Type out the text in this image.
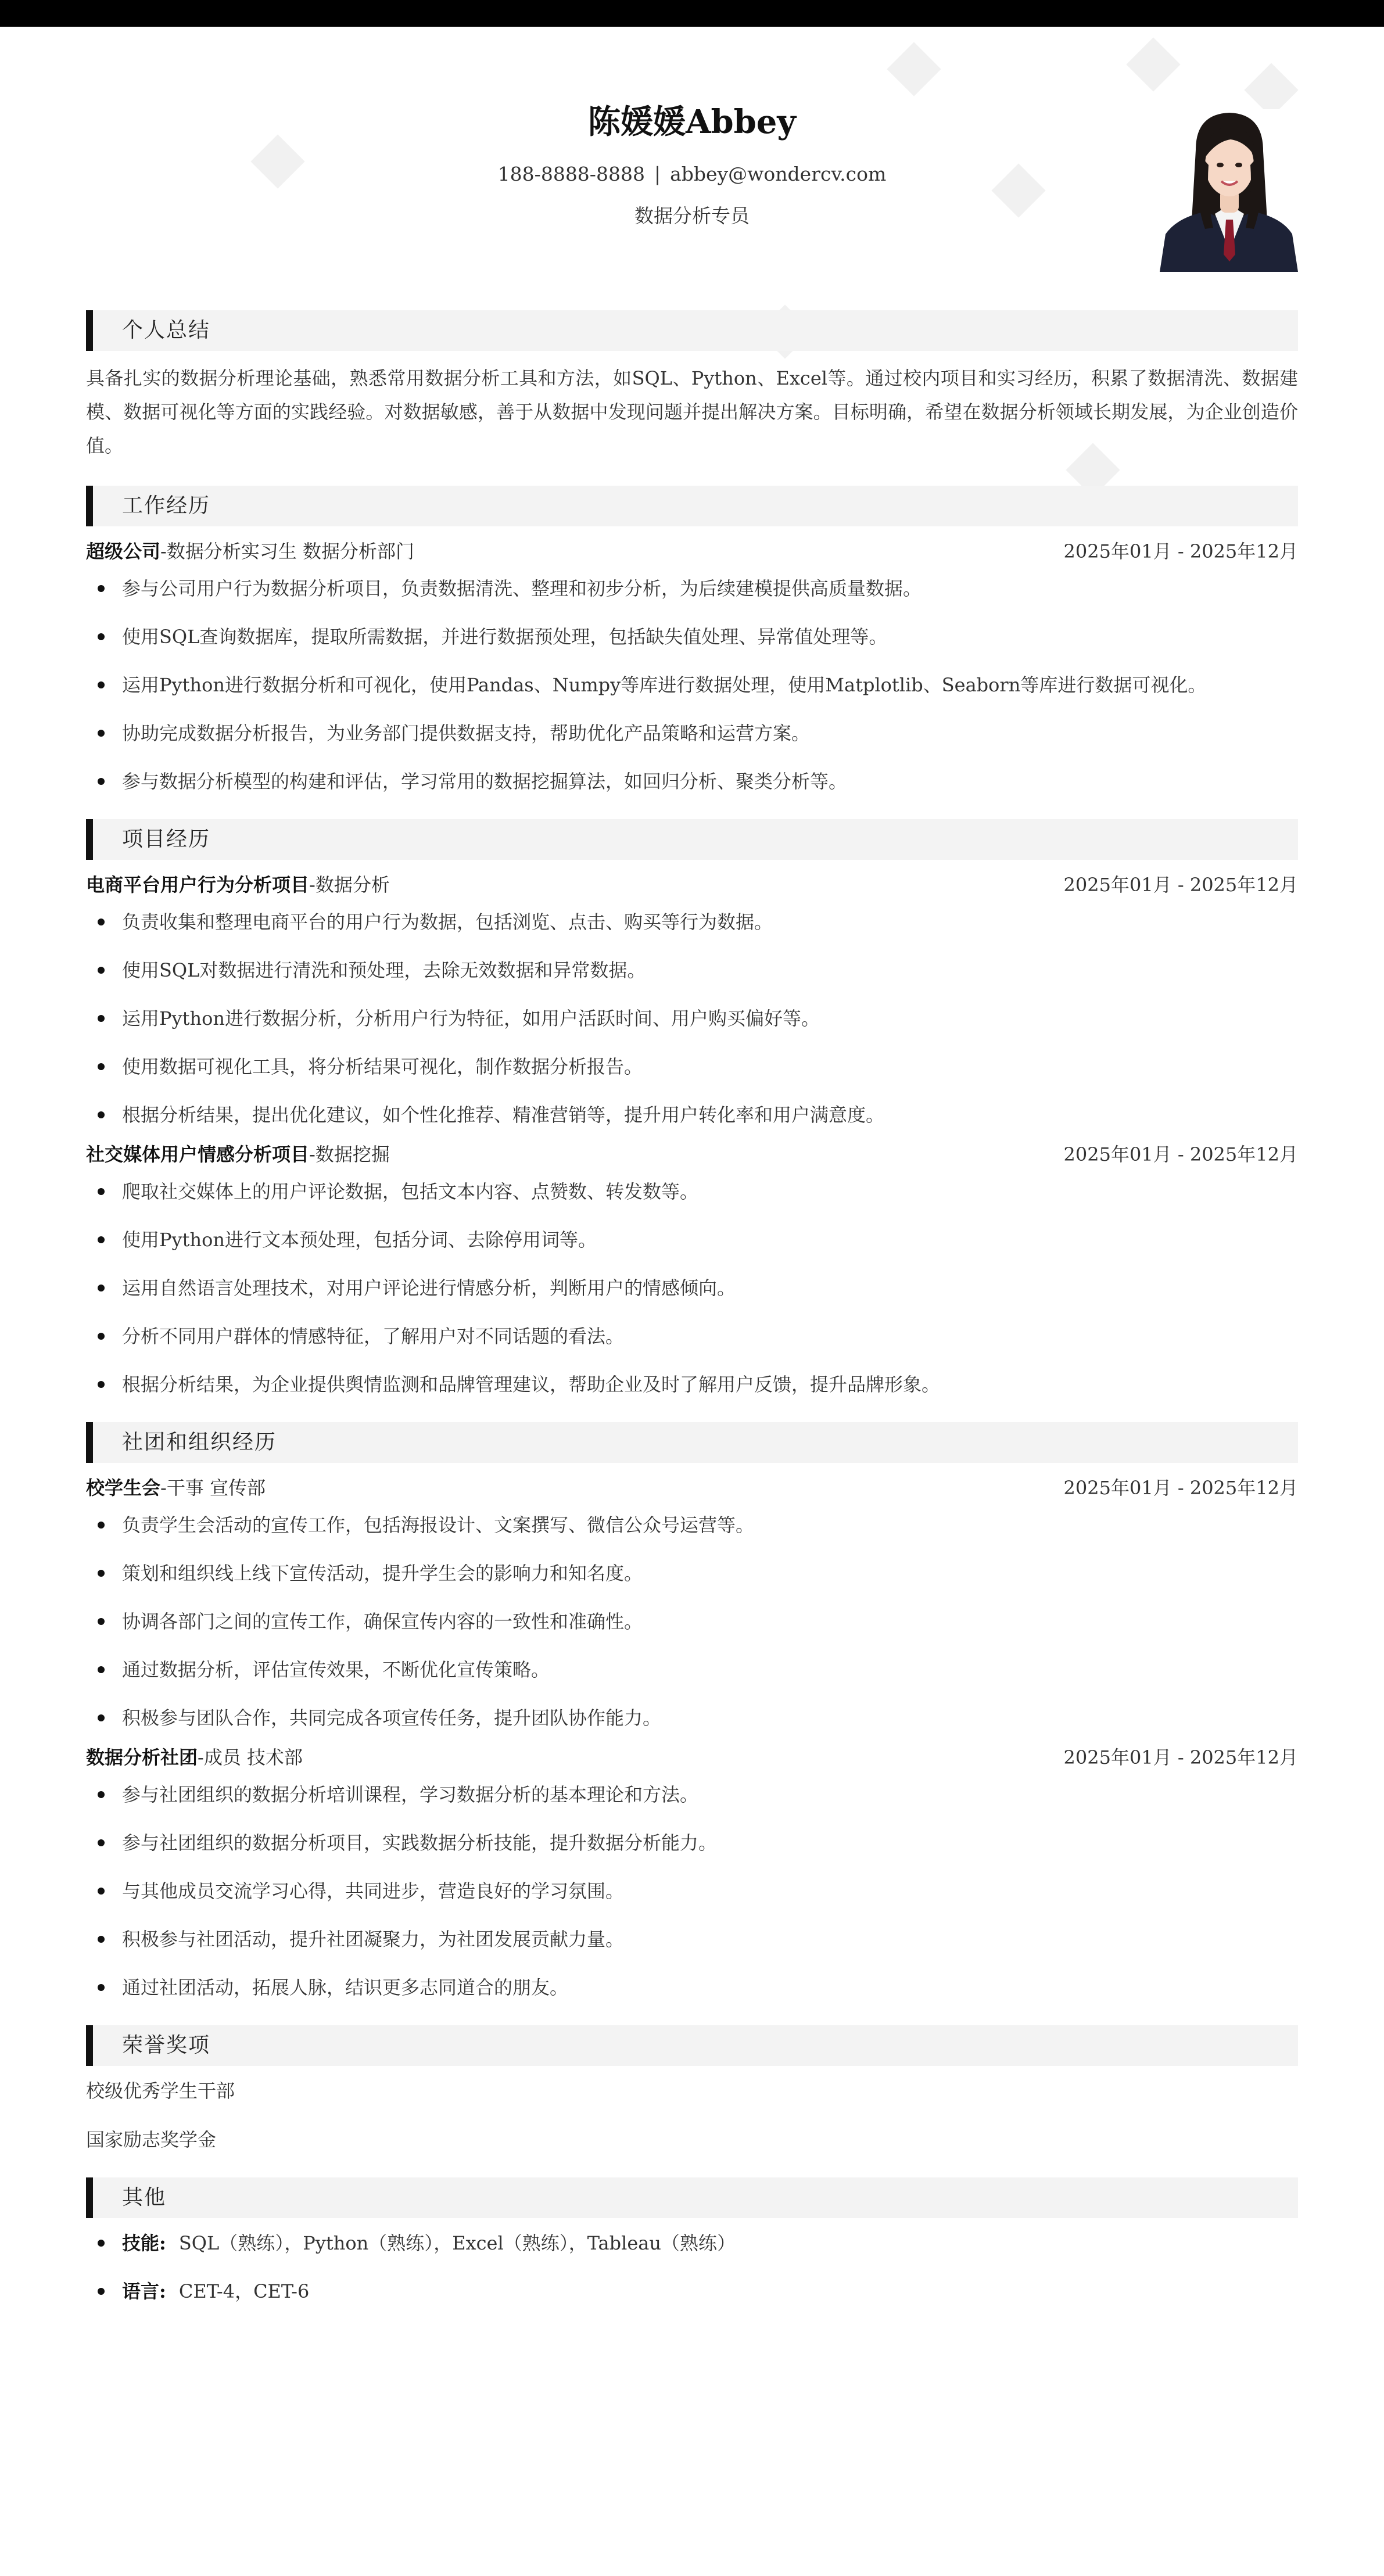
陈媛媛Abbey
188-8888-8888 | abbey@wondercv.com
数据分析专员
个人总结
具备扎实的数据分析理论基础，熟悉常用数据分析工具和方法，如SQL、Python、Excel等。通过校内项目和实习经历，积累了数据清洗、数据建模、数据可视化等方面的实践经验。对数据敏感，善于从数据中发现问题并提出解决方案。目标明确，希望在数据分析领域长期发展，为企业创造价值。
工作经历
超级公司-数据分析实习生 数据分析部门	2025年01月 - 2025年12月
参与公司用户行为数据分析项目，负责数据清洗、整理和初步分析，为后续建模提供高质量数据。
使用SQL查询数据库，提取所需数据，并进行数据预处理，包括缺失值处理、异常值处理等。
运用Python进行数据分析和可视化，使用Pandas、Numpy等库进行数据处理，使用Matplotlib、Seaborn等库进行数据可视化。
协助完成数据分析报告，为业务部门提供数据支持，帮助优化产品策略和运营方案。
参与数据分析模型的构建和评估，学习常用的数据挖掘算法，如回归分析、聚类分析等。
项目经历
电商平台用户行为分析项目-数据分析	2025年01月 - 2025年12月
负责收集和整理电商平台的用户行为数据，包括浏览、点击、购买等行为数据。
使用SQL对数据进行清洗和预处理，去除无效数据和异常数据。
运用Python进行数据分析，分析用户行为特征，如用户活跃时间、用户购买偏好等。
使用数据可视化工具，将分析结果可视化，制作数据分析报告。
根据分析结果，提出优化建议，如个性化推荐、精准营销等，提升用户转化率和用户满意度。
社交媒体用户情感分析项目-数据挖掘	2025年01月 - 2025年12月
爬取社交媒体上的用户评论数据，包括文本内容、点赞数、转发数等。
使用Python进行文本预处理，包括分词、去除停用词等。
运用自然语言处理技术，对用户评论进行情感分析，判断用户的情感倾向。
分析不同用户群体的情感特征，了解用户对不同话题的看法。
根据分析结果，为企业提供舆情监测和品牌管理建议，帮助企业及时了解用户反馈，提升品牌形象。
社团和组织经历
校学生会-干事 宣传部	2025年01月 - 2025年12月
负责学生会活动的宣传工作，包括海报设计、文案撰写、微信公众号运营等。
策划和组织线上线下宣传活动，提升学生会的影响力和知名度。
协调各部门之间的宣传工作，确保宣传内容的一致性和准确性。
通过数据分析，评估宣传效果，不断优化宣传策略。
积极参与团队合作，共同完成各项宣传任务，提升团队协作能力。
数据分析社团-成员 技术部	2025年01月 - 2025年12月
参与社团组织的数据分析培训课程，学习数据分析的基本理论和方法。
参与社团组织的数据分析项目，实践数据分析技能，提升数据分析能力。
与其他成员交流学习心得，共同进步，营造良好的学习氛围。
积极参与社团活动，提升社团凝聚力，为社团发展贡献力量。
通过社团活动，拓展人脉，结识更多志同道合的朋友。
荣誉奖项
校级优秀学生干部
国家励志奖学金
其他
技能: SQL（熟练），Python（熟练），Excel（熟练），Tableau（熟练）
语言: CET-4，CET-6
